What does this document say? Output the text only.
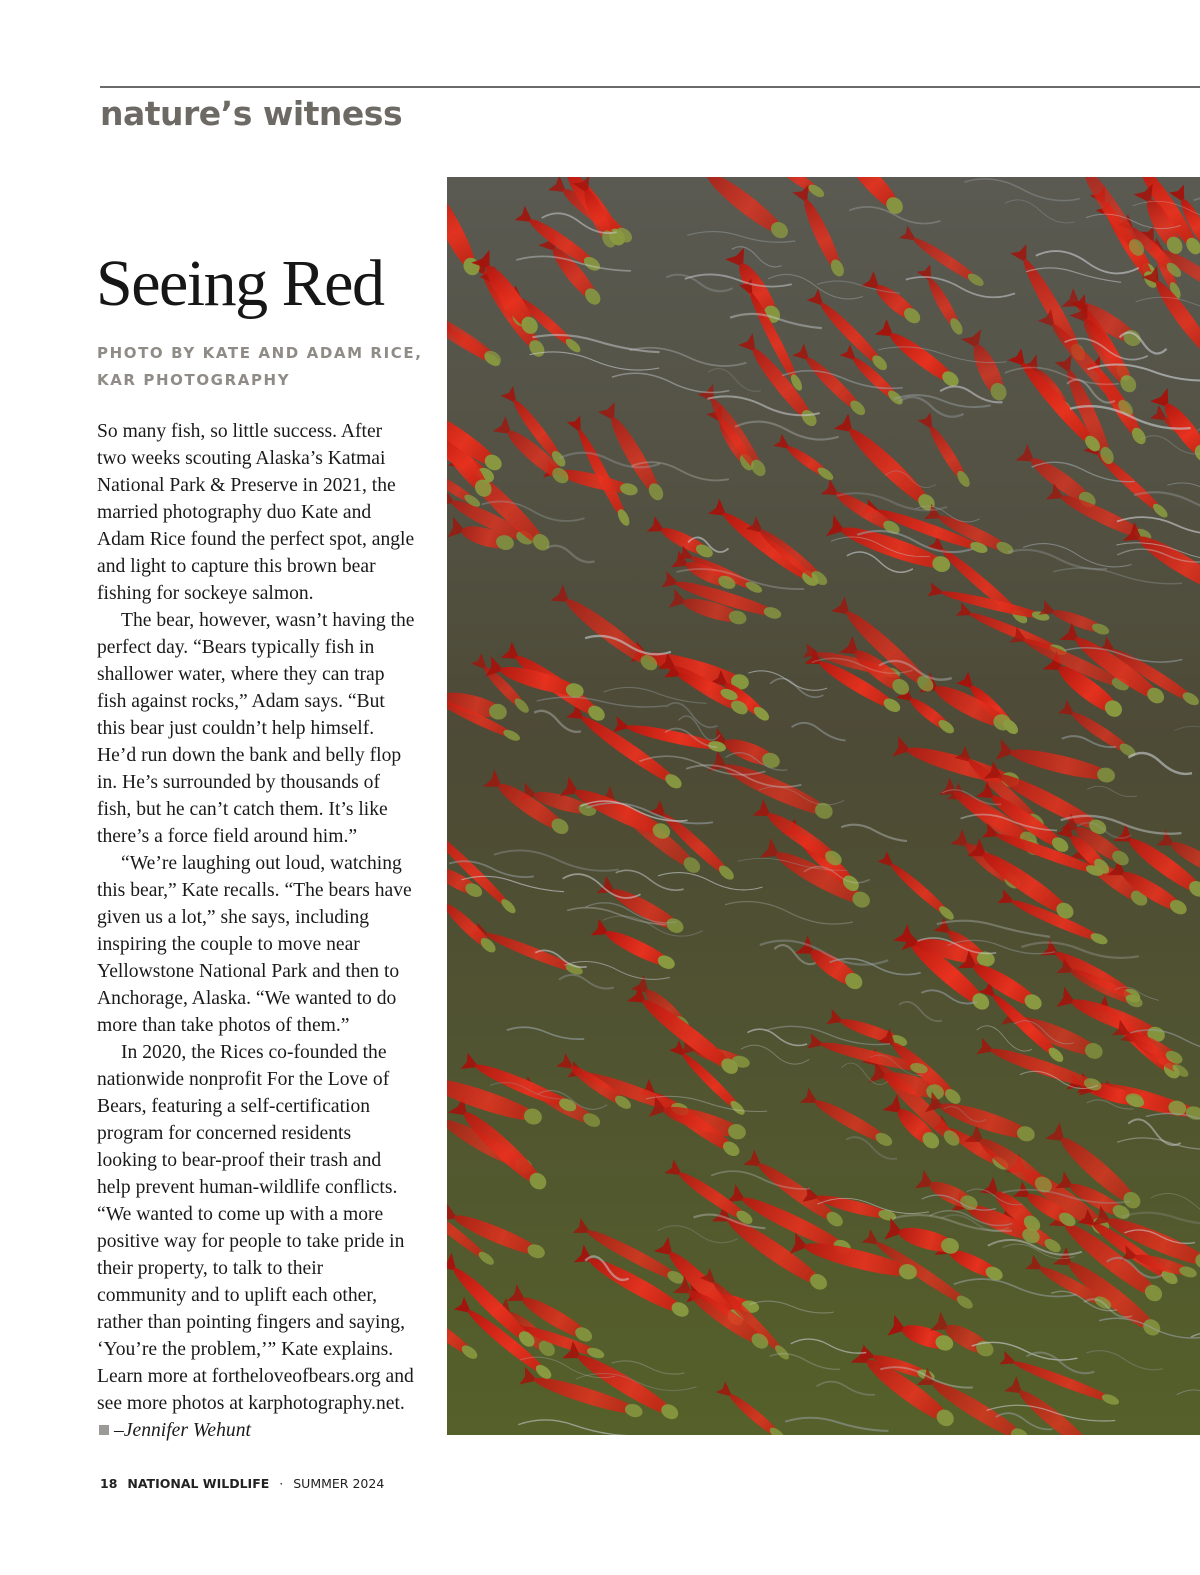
nature’s witness
Seeing Red
PHOTO BY KATE AND ADAM RICE,
KAR PHOTOGRAPHY

So many fish, so little success. After two weeks scouting Alaska’s Katmai National Park & Preserve in 2021, the married photography duo Kate and Adam Rice found the perfect spot, angle and light to capture this brown bear fishing for sockeye salmon.

The bear, however, wasn’t having the perfect day. “Bears typically fish in shallower water, where they can trap fish against rocks,” Adam says. “But this bear just couldn’t help himself. He’d run down the bank and belly flop in. He’s surrounded by thousands of fish, but he can’t catch them. It’s like there’s a force field around him.”

“We’re laughing out loud, watching this bear,” Kate recalls. “The bears have given us a lot,” she says, including inspiring the couple to move near Yellowstone National Park and then to Anchorage, Alaska. “We wanted to do more than take photos of them.”

In 2020, the Rices co-founded the nationwide nonprofit For the Love of Bears, featuring a self-certification program for concerned residents looking to bear-proof their trash and help prevent human-wildlife conflicts. “We wanted to come up with a more positive way for people to take pride in their property, to talk to their community and to uplift each other, rather than pointing fingers and saying, ‘You’re the problem,’” Kate explains. Learn more at fortheloveofbears.org and see more photos at karphotography.net. –Jennifer Wehunt

18 NATIONAL WILDLIFE · SUMMER 2024
